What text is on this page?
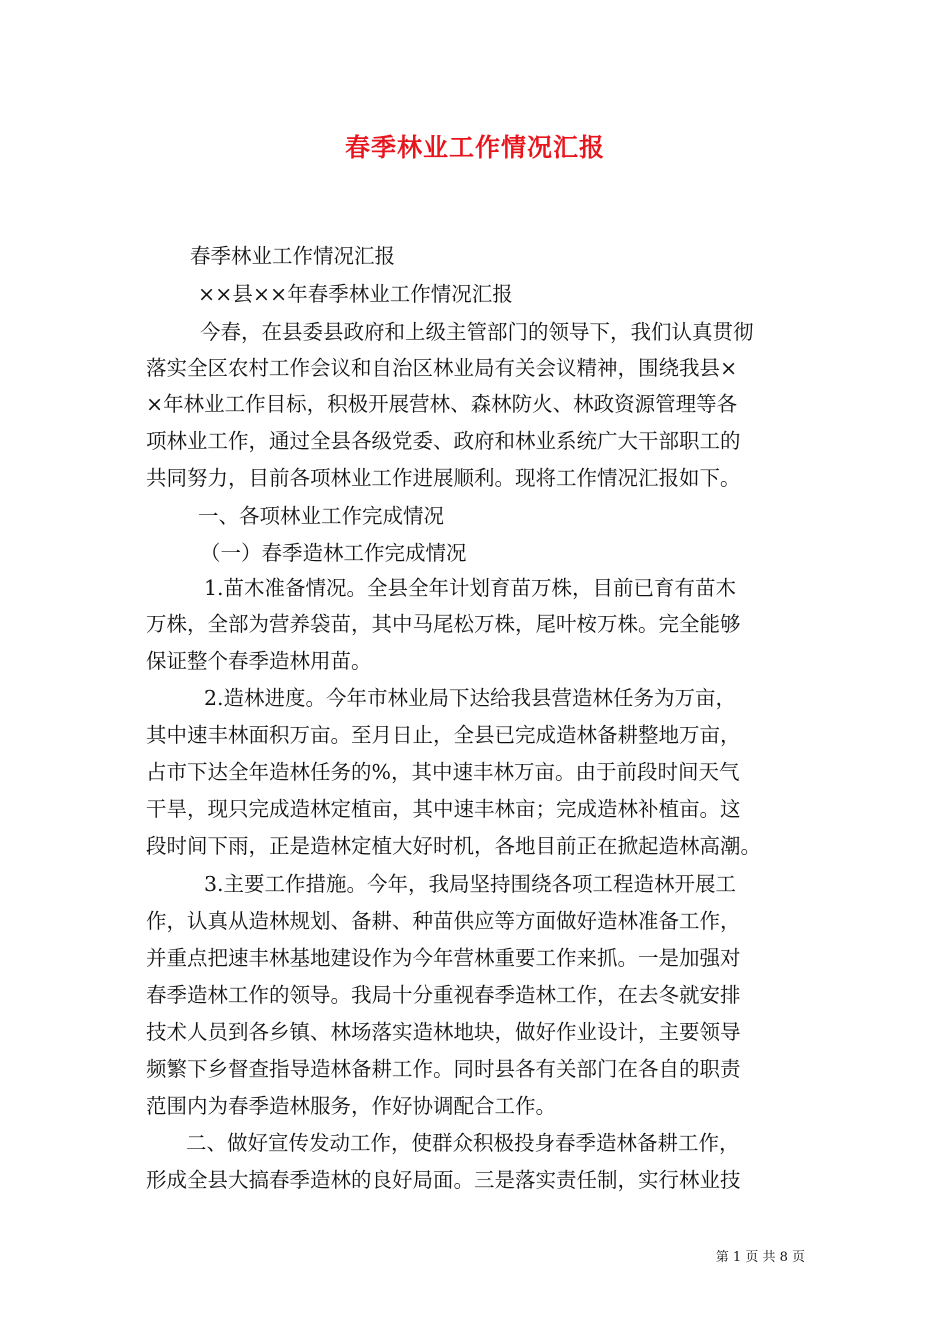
春季林业工作情况汇报
春季林业工作情况汇报
××县××年春季林业工作情况汇报
今春，在县委县政府和上级主管部门的领导下，我们认真贯彻
落实全区农村工作会议和自治区林业局有关会议精神，围绕我县×
×年林业工作目标，积极开展营林、森林防火、林政资源管理等各
项林业工作，通过全县各级党委、政府和林业系统广大干部职工的
共同努力，目前各项林业工作进展顺利。现将工作情况汇报如下。
一、各项林业工作完成情况
（一）春季造林工作完成情况
1.苗木准备情况。全县全年计划育苗万株，目前已育有苗木
万株，全部为营养袋苗，其中马尾松万株，尾叶桉万株。完全能够
保证整个春季造林用苗。
2.造林进度。今年市林业局下达给我县营造林任务为万亩，
其中速丰林面积万亩。至月日止，全县已完成造林备耕整地万亩，
占市下达全年造林任务的%，其中速丰林万亩。由于前段时间天气
干旱，现只完成造林定植亩，其中速丰林亩；完成造林补植亩。这
段时间下雨，正是造林定植大好时机，各地目前正在掀起造林高潮。
3.主要工作措施。今年，我局坚持围绕各项工程造林开展工
作，认真从造林规划、备耕、种苗供应等方面做好造林准备工作，
并重点把速丰林基地建设作为今年营林重要工作来抓。一是加强对
春季造林工作的领导。我局十分重视春季造林工作，在去冬就安排
技术人员到各乡镇、林场落实造林地块，做好作业设计，主要领导
频繁下乡督查指导造林备耕工作。同时县各有关部门在各自的职责
范围内为春季造林服务，作好协调配合工作。
二、做好宣传发动工作，使群众积极投身春季造林备耕工作，
形成全县大搞春季造林的良好局面。三是落实责任制，实行林业技
第 1 页 共 8 页
